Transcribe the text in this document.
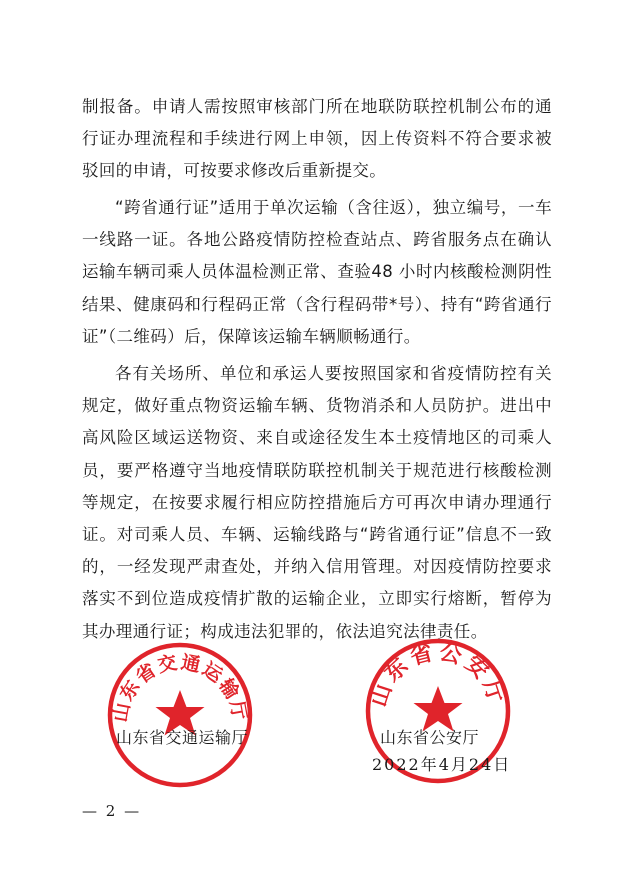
制报备。申请人需按照审核部门所在地联防联控机制公布的通行证办理流程和手续进行网上申领，因上传资料不符合要求被驳回的申请，可按要求修改后重新提交。

“跨省通行证”适用于单次运输（含往返），独立编号，一车一线路一证。各地公路疫情防控检查站点、跨省服务点在确认运输车辆司乘人员体温检测正常、查验48 小时内核酸检测阴性结果、健康码和行程码正常（含行程码带*号）、持有“跨省通行证”（二维码）后，保障该运输车辆顺畅通行。

各有关场所、单位和承运人要按照国家和省疫情防控有关规定，做好重点物资运输车辆、货物消杀和人员防护。进出中高风险区域运送物资、来自或途径发生本土疫情地区的司乘人员，要严格遵守当地疫情联防联控机制关于规范进行核酸检测等规定，在按要求履行相应防控措施后方可再次申请办理通行证。对司乘人员、车辆、运输线路与“跨省通行证”信息不一致的，一经发现严肃查处，并纳入信用管理。对因疫情防控要求落实不到位造成疫情扩散的运输企业，立即实行熔断，暂停为其办理通行证；构成违法犯罪的，依法追究法律责任。

山东省交通运输厅
山东省公安厅
山东省交通运输厅	山东省公安厅
2022年4月24日
— 2 —
